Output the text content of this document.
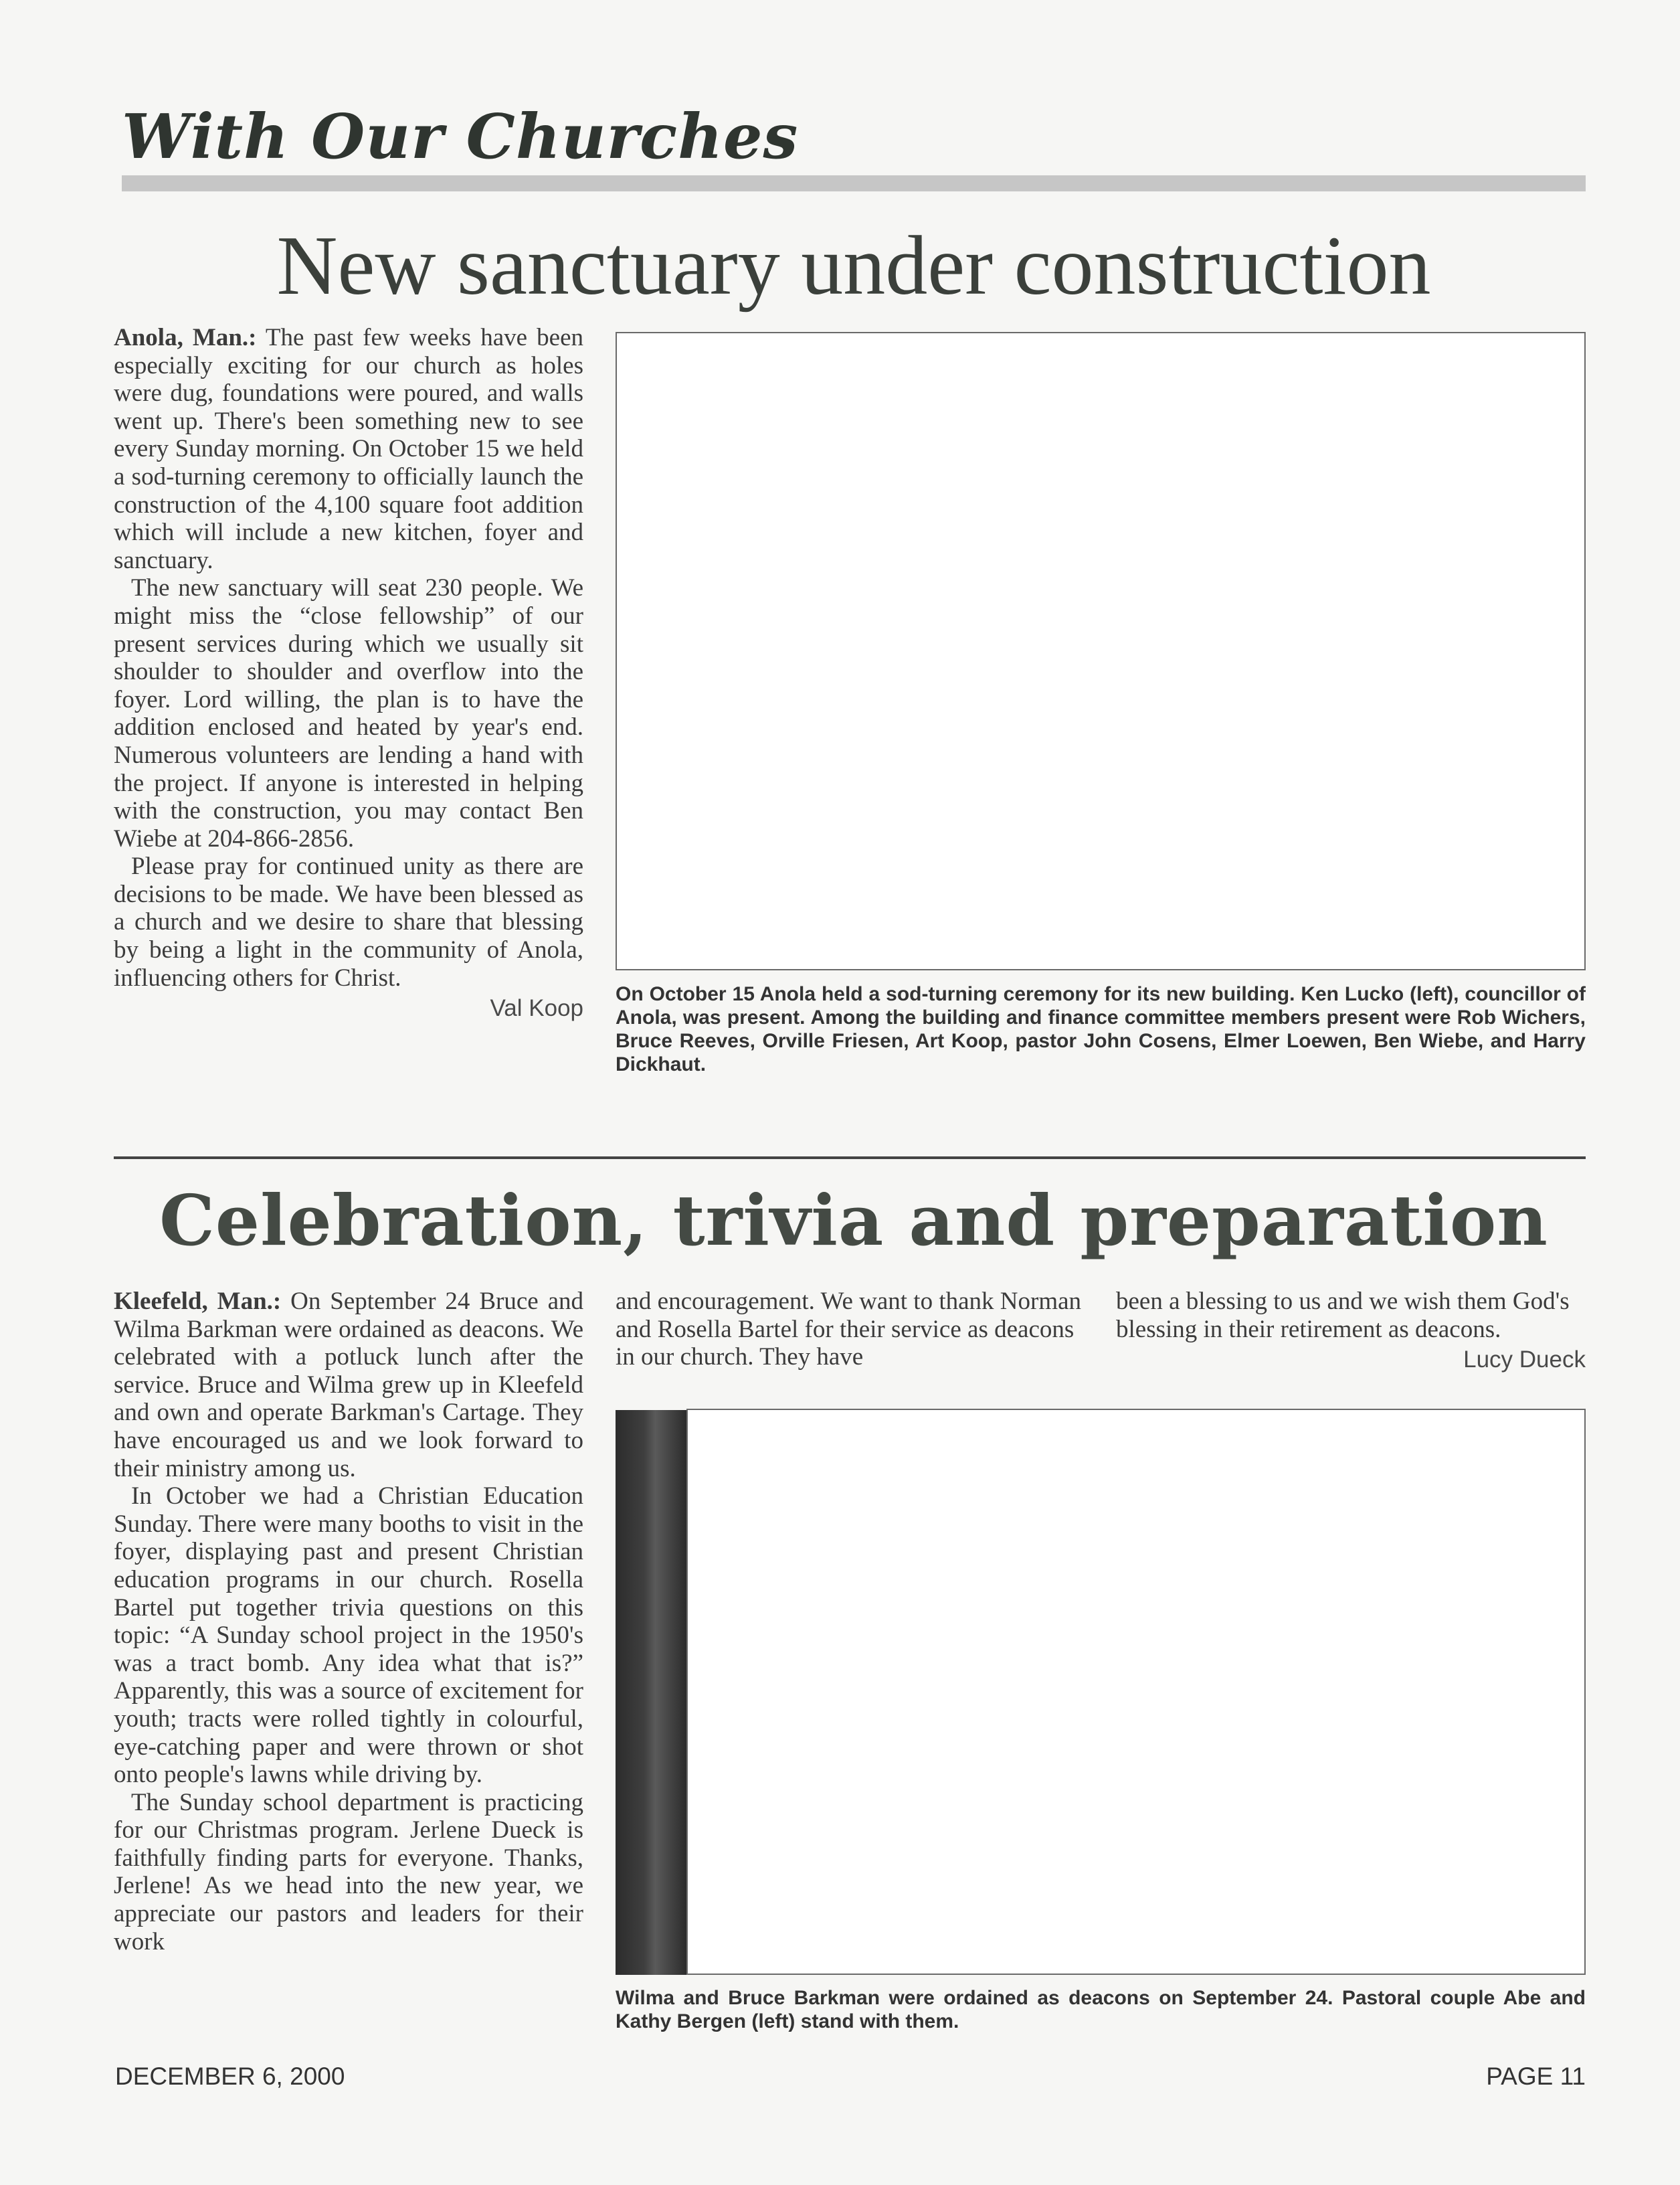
With Our Churches
New sanctuary under construction

Anola, Man.: The past few weeks have been especially exciting for our church as holes were dug, foundations were poured, and walls went up. There's been something new to see every Sunday morning. On October 15 we held a sod-turning ceremony to officially launch the construction of the 4,100 square foot addition which will include a new kitchen, foyer and sanctuary.

The new sanctuary will seat 230 people. We might miss the “close fellowship” of our present services during which we usually sit shoulder to shoulder and overflow into the foyer. Lord willing, the plan is to have the addition enclosed and heated by year's end. Numerous volunteers are lending a hand with the project. If anyone is interested in helping with the construction, you may contact Ben Wiebe at 204-866-2856.

Please pray for continued unity as there are decisions to be made. We have been blessed as a church and we desire to share that blessing by being a light in the community of Anola, influencing others for Christ.

Val Koop
On October 15 Anola held a sod-turning ceremony for its new building. Ken Lucko (left), councillor of Anola, was present. Among the building and finance committee members present were Rob Wichers, Bruce Reeves, Orville Friesen, Art Koop, pastor John Cosens, Elmer Loewen, Ben Wiebe, and Harry Dickhaut.
Celebration, trivia and preparation

Kleefeld, Man.: On September 24 Bruce and Wilma Barkman were ordained as deacons. We celebrated with a potluck lunch after the service. Bruce and Wilma grew up in Kleefeld and own and operate Barkman's Cartage. They have encouraged us and we look forward to their ministry among us.

In October we had a Christian Education Sunday. There were many booths to visit in the foyer, displaying past and present Christian education programs in our church. Rosella Bartel put together trivia questions on this topic: “A Sunday school project in the 1950's was a tract bomb. Any idea what that is?” Apparently, this was a source of excitement for youth; tracts were rolled tightly in colourful, eye-catching paper and were thrown or shot onto people's lawns while driving by.

The Sunday school department is practicing for our Christmas program. Jerlene Dueck is faithfully finding parts for everyone. Thanks, Jerlene! As we head into the new year, we appreciate our pastors and leaders for their work

and encouragement. We want to thank Norman and Rosella Bartel for their service as deacons in our church. They have

been a blessing to us and we wish them God's blessing in their retirement as deacons.

Lucy Dueck
Wilma and Bruce Barkman were ordained as deacons on September 24. Pastoral couple Abe and Kathy Bergen (left) stand with them.
DECEMBER 6, 2000	PAGE 11
